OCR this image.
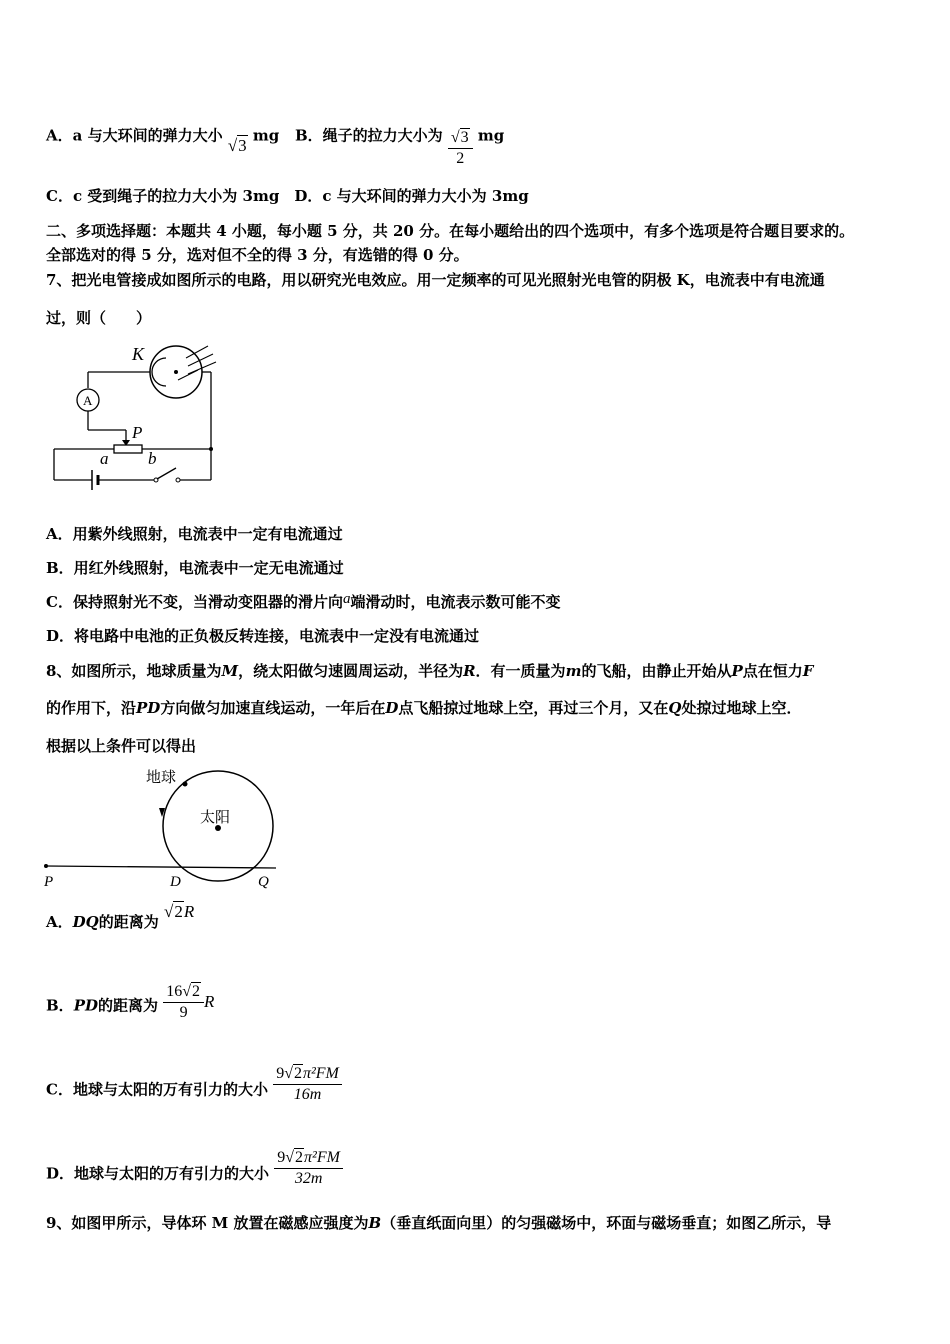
A．a 与大环间的弹力大小 √3 mg B．绳子的拉力大小为 $\frac{√3}{2}$ mg
C．c 受到绳子的拉力大小为 3mg　D．c 与大环间的弹力大小为 3mg
二、多项选择题：本题共 4 小题，每小题 5 分，共 20 分。在每小题给出的四个选项中，有多个选项是符合题目要求的。
全部选对的得 5 分，选对但不全的得 3 分，有选错的得 0 分。
7、把光电管接成如图所示的电路，用以研究光电效应。用一定频率的可见光照射光电管的阴极 K，电流表中有电流通
过，则（　　）
K
A
P
a b
A．用紫外线照射，电流表中一定有电流通过
B．用红外线照射，电流表中一定无电流通过
C．保持照射光不变，当滑动变阻器的滑片向a端滑动时，电流表示数可能不变
D．将电路中电池的正负极反转连接，电流表中一定没有电流通过
8、如图所示，地球质量为M，绕太阳做匀速圆周运动，半径为R．有一质量为m的飞船，由静止开始从P点在恒力F
的作用下，沿PD方向做匀加速直线运动，一年后在D点飞船掠过地球上空，再过三个月，又在Q处掠过地球上空．
根据以上条件可以得出
太阳
地球
P	D	Q
A．DQ的距离为 √2R
B．PD的距离为 $\frac{16√2}{9}$ R
C．地球与太阳的万有引力的大小 $\frac{\text{9√2π²FM}}{16m}$
D．地球与太阳的万有引力的大小 $\frac{\text{9√2π²FM}}{32m}$
9、如图甲所示，导体环 M 放置在磁感应强度为B（垂直纸面向里）的匀强磁场中，环面与磁场垂直；如图乙所示，导
